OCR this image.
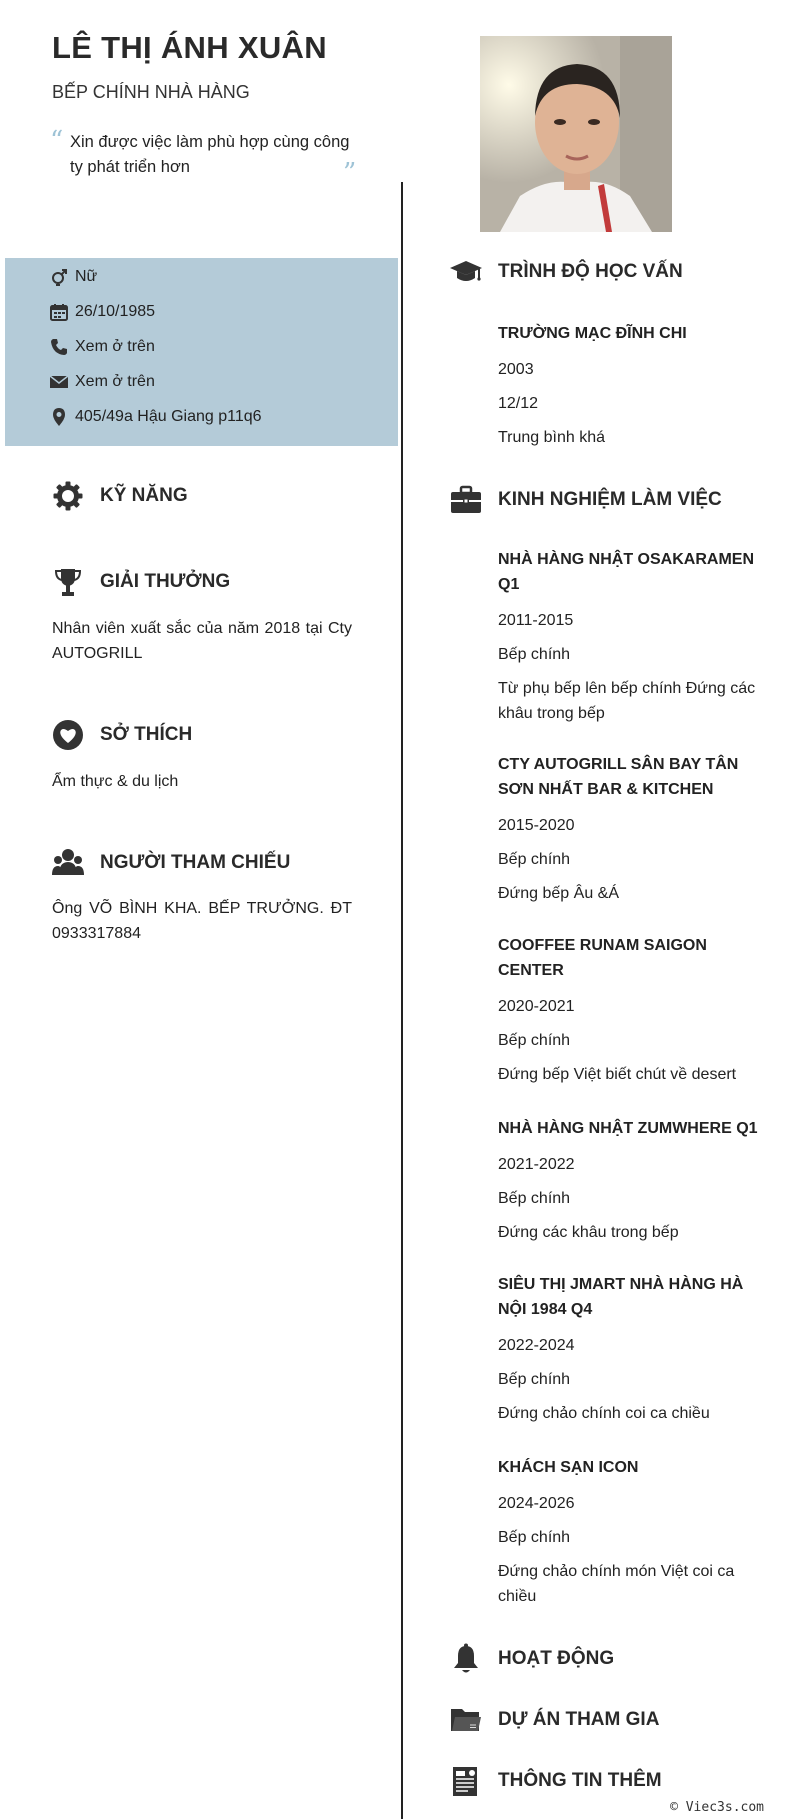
LÊ THỊ ÁNH XUÂN
BẾP CHÍNH NHÀ HÀNG
“ Xin được việc làm phù hợp cùng công ty phát triển hơn	”
Nữ
26/10/1985
Xem ở trên
Xem ở trên
405/49a Hậu Giang p11q6
KỸ NĂNG
GIẢI THƯỞNG
Nhân viên xuất sắc của năm 2018 tại Cty AUTOGRILL
SỞ THÍCH
Ẩm thực & du lịch
NGƯỜI THAM CHIẾU
Ông VÕ BÌNH KHA. BẾP TRƯỞNG. ĐT 0933317884
TRÌNH ĐỘ HỌC VẤN
TRƯỜNG MẠC ĐĨNH CHI
2003
12/12
Trung bình khá
KINH NGHIỆM LÀM VIỆC
NHÀ HÀNG NHẬT OSAKARAMEN Q1
2011-2015
Bếp chính
Từ phụ bếp lên bếp chính Đứng các khâu trong bếp
CTY AUTOGRILL SÂN BAY TÂN SƠN NHẤT BAR & KITCHEN
2015-2020
Bếp chính
Đứng bếp Âu &Á
COOFFEE RUNAM SAIGON CENTER
2020-2021
Bếp chính
Đứng bếp Việt biết chút về desert
NHÀ HÀNG NHẬT ZUMWHERE Q1
2021-2022
Bếp chính
Đứng các khâu trong bếp
SIÊU THỊ JMART NHÀ HÀNG HÀ NỘI 1984 Q4
2022-2024
Bếp chính
Đứng chảo chính coi ca chiều
KHÁCH SẠN ICON
2024-2026
Bếp chính
Đứng chảo chính món Việt coi ca chiều
HOẠT ĐỘNG
DỰ ÁN THAM GIA
THÔNG TIN THÊM
© Viec3s.com
